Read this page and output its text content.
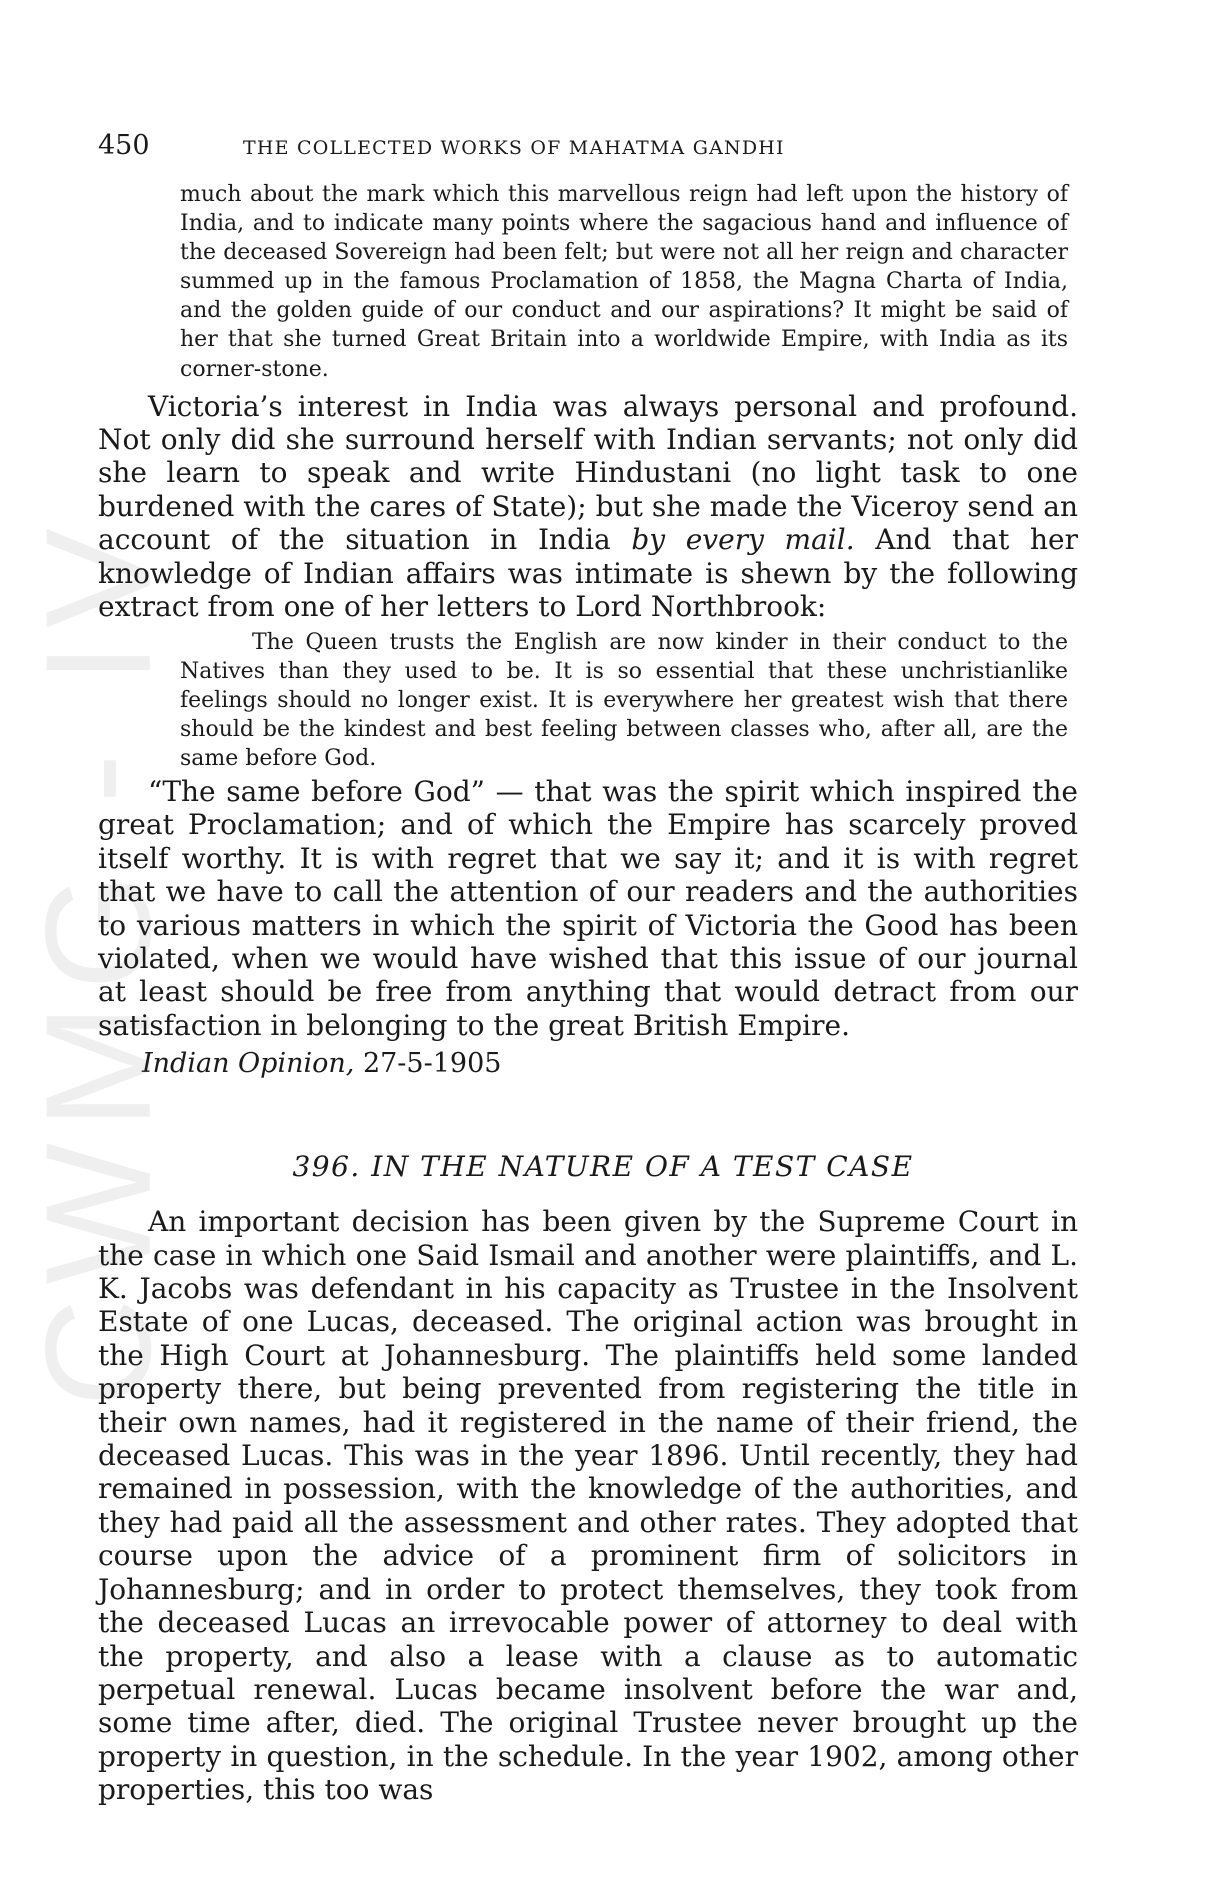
CWMG - IV
450	THE COLLECTED WORKS OF MAHATMA GANDHI

much about the mark which this marvellous reign had left upon the history of India, and to indicate many points where the sagacious hand and influence of the deceased Sovereign had been felt; but were not all her reign and character summed up in the famous Proclamation of 1858, the Magna Charta of India, and the golden guide of our conduct and our aspirations? It might be said of her that she turned Great Britain into a worldwide Empire, with India as its corner-stone.

Victoria’s interest in India was always personal and profound. Not only did she surround herself with Indian servants; not only did she learn to speak and write Hindustani (no light task to one burdened with the cares of State); but she made the Viceroy send an account of the situation in India by every mail. And that her knowledge of Indian affairs was intimate is shewn by the following extract from one of her letters to Lord Northbrook:

The Queen trusts the English are now kinder in their conduct to the Natives than they used to be. It is so essential that these unchristianlike feelings should no longer exist. It is everywhere her greatest wish that there should be the kindest and best feeling between classes who, after all, are the same before God.

“The same before God” — that was the spirit which inspired the great Proclamation; and of which the Empire has scarcely proved itself worthy. It is with regret that we say it; and it is with regret that we have to call the attention of our readers and the authorities to various matters in which the spirit of Victoria the Good has been violated, when we would have wished that this issue of our journal at least should be free from anything that would detract from our satisfaction in belonging to the great British Empire.

Indian Opinion, 27-5-1905
396. IN THE NATURE OF A TEST CASE

An important decision has been given by the Supreme Court in the case in which one Said Ismail and another were plaintiffs, and L. K. Jacobs was defendant in his capacity as Trustee in the Insolvent Estate of one Lucas, deceased. The original action was brought in the High Court at Johannesburg. The plaintiffs held some landed property there, but being prevented from registering the title in their own names, had it registered in the name of their friend, the deceased Lucas. This was in the year 1896. Until recently, they had remained in possession, with the knowledge of the authorities, and they had paid all the assessment and other rates. They adopted that course upon the advice of a prominent firm of solicitors in Johannesburg; and in order to protect themselves, they took from the deceased Lucas an irrevocable power of attorney to deal with the property, and also a lease with a clause as to automatic perpetual renewal. Lucas became insolvent before the war and, some time after, died. The original Trustee never brought up the property in question, in the schedule. In the year 1902, among other properties, this too was
